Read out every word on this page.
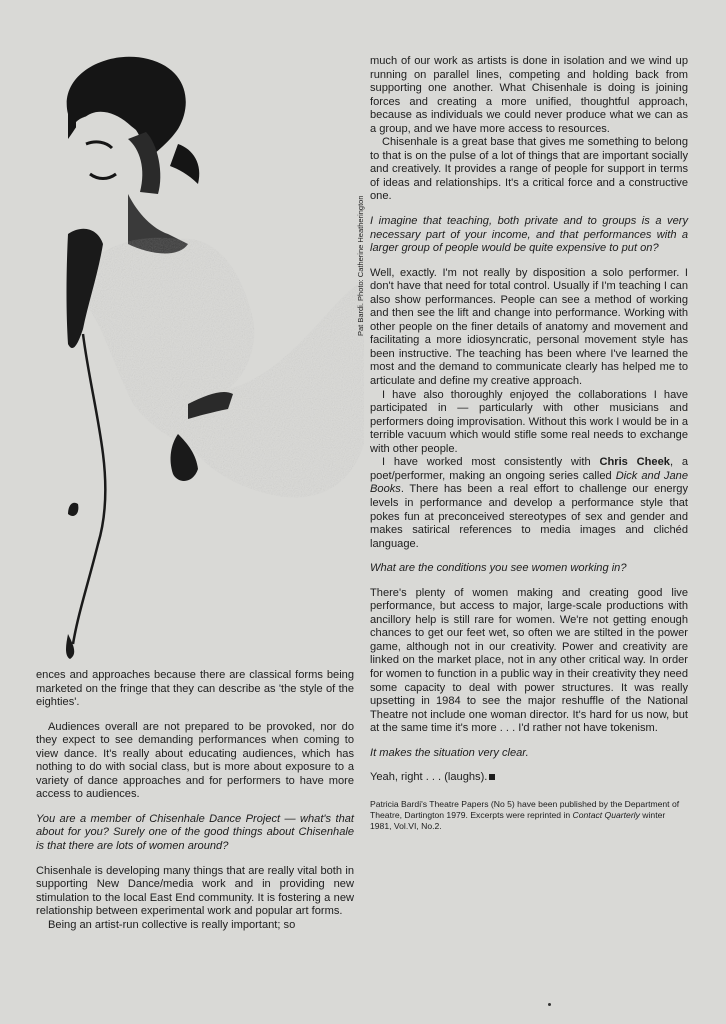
Pat Bardi. Photo: Catherine Heatherington

ences and approaches because there are classical forms being marketed on the fringe that they can describe as 'the style of the eighties'.

Audiences overall are not prepared to be provoked, nor do they expect to see demanding performances when coming to view dance. It's really about educating audiences, which has nothing to do with social class, but is more about exposure to a variety of dance approaches and for performers to have more access to audiences.

You are a member of Chisenhale Dance Project — what's that about for you? Surely one of the good things about Chisenhale is that there are lots of women around?

Chisenhale is developing many things that are really vital both in supporting New Dance/media work and in providing new stimulation to the local East End community. It is fostering a new relationship between experimental work and popular art forms.

Being an artist-run collective is really important; so

much of our work as artists is done in isolation and we wind up running on parallel lines, competing and holding back from supporting one another. What Chisenhale is doing is joining forces and creating a more unified, thoughtful approach, because as individuals we could never produce what we can as a group, and we have more access to resources.

Chisenhale is a great base that gives me something to belong to that is on the pulse of a lot of things that are important socially and creatively. It provides a range of people for support in terms of ideas and relationships. It's a critical force and a constructive one.

I imagine that teaching, both private and to groups is a very necessary part of your income, and that performances with a larger group of people would be quite expensive to put on?

Well, exactly. I'm not really by disposition a solo performer. I don't have that need for total control. Usually if I'm teaching I can also show performances. People can see a method of working and then see the lift and change into performance. Working with other people on the finer details of anatomy and movement and facilitating a more idiosyncratic, personal movement style has been instructive. The teaching has been where I've learned the most and the demand to communicate clearly has helped me to articulate and define my creative approach.

I have also thoroughly enjoyed the collaborations I have participated in — particularly with other musicians and performers doing improvisation. Without this work I would be in a terrible vacuum which would stifle some real needs to exchange with other people.

I have worked most consistently with Chris Cheek, a poet/performer, making an ongoing series called Dick and Jane Books. There has been a real effort to challenge our energy levels in performance and develop a performance style that pokes fun at preconceived stereotypes of sex and gender and makes satirical references to media images and clichéd language.

What are the conditions you see women working in?

There's plenty of women making and creating good live performance, but access to major, large-scale productions with ancillory help is still rare for women. We're not getting enough chances to get our feet wet, so often we are stilted in the power game, although not in our creativity. Power and creativity are linked on the market place, not in any other critical way. In order for women to function in a public way in their creativity they need some capacity to deal with power structures. It was really upsetting in 1984 to see the major reshuffle of the National Theatre not include one woman director. It's hard for us now, but at the same time it's more . . . I'd rather not have tokenism.

It makes the situation very clear.

Yeah, right . . . (laughs).

Patricia Bardi's Theatre Papers (No 5) have been published by the Department of Theatre, Dartington 1979. Excerpts were reprinted in Contact Quarterly winter 1981, Vol.VI, No.2.
